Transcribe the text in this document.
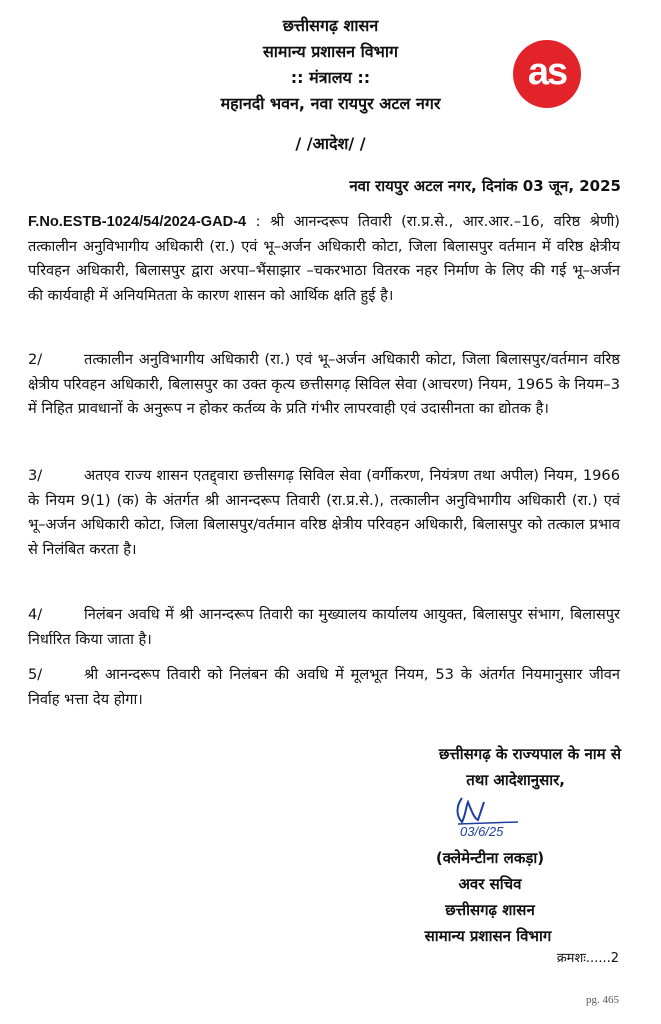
छत्तीसगढ़ शासन
सामान्य प्रशासन विभाग
:: मंत्रालय ::
महानदी भवन, नवा रायपुर अटल नगर
/ /आदेश/ /
as
नवा रायपुर अटल नगर, दिनांक 03 जून, 2025
F.No.ESTB-1024/54/2024-GAD-4 : श्री आनन्दरूप तिवारी (रा.प्र.से., आर.आर.–16, वरिष्ठ श्रेणी) तत्कालीन अनुविभागीय अधिकारी (रा.) एवं भू–अर्जन अधिकारी कोटा, जिला बिलासपुर वर्तमान में वरिष्ठ क्षेत्रीय परिवहन अधिकारी, बिलासपुर द्वारा अरपा–भैंसाझार –चकरभाठा वितरक नहर निर्माण के लिए की गई भू–अर्जन की कार्यवाही में अनियमितता के कारण शासन को आर्थिक क्षति हुई है।
2/	तत्कालीन अनुविभागीय अधिकारी (रा.) एवं भू–अर्जन अधिकारी कोटा, जिला बिलासपुर/वर्तमान वरिष्ठ क्षेत्रीय परिवहन अधिकारी, बिलासपुर का उक्त कृत्य छत्तीसगढ़ सिविल सेवा (आचरण) नियम, 1965 के नियम–3 में निहित प्रावधानों के अनुरूप न होकर कर्तव्य के प्रति गंभीर लापरवाही एवं उदासीनता का द्योतक है।
3/	अतएव राज्य शासन एतद्द्वारा छत्तीसगढ़ सिविल सेवा (वर्गीकरण, नियंत्रण तथा अपील) नियम, 1966 के नियम 9(1) (क) के अंतर्गत श्री आनन्दरूप तिवारी (रा.प्र.से.), तत्कालीन अनुविभागीय अधिकारी (रा.) एवं भू–अर्जन अधिकारी कोटा, जिला बिलासपुर/वर्तमान वरिष्ठ क्षेत्रीय परिवहन अधिकारी, बिलासपुर को तत्काल प्रभाव से निलंबित करता है।
4/	निलंबन अवधि में श्री आनन्दरूप तिवारी का मुख्यालय कार्यालय आयुक्त, बिलासपुर संभाग, बिलासपुर निर्धारित किया जाता है।
5/	श्री आनन्दरूप तिवारी को निलंबन की अवधि में मूलभूत नियम, 53 के अंतर्गत नियमानुसार जीवन निर्वाह भत्ता देय होगा।
छत्तीसगढ़ के राज्यपाल के नाम से
तथा आदेशानुसार,
03/6/25
(क्लेमेन्टीना लकड़ा)
अवर सचिव
छत्तीसगढ़ शासन
सामान्य प्रशासन विभाग
क्रमशः......2
pg. 465
